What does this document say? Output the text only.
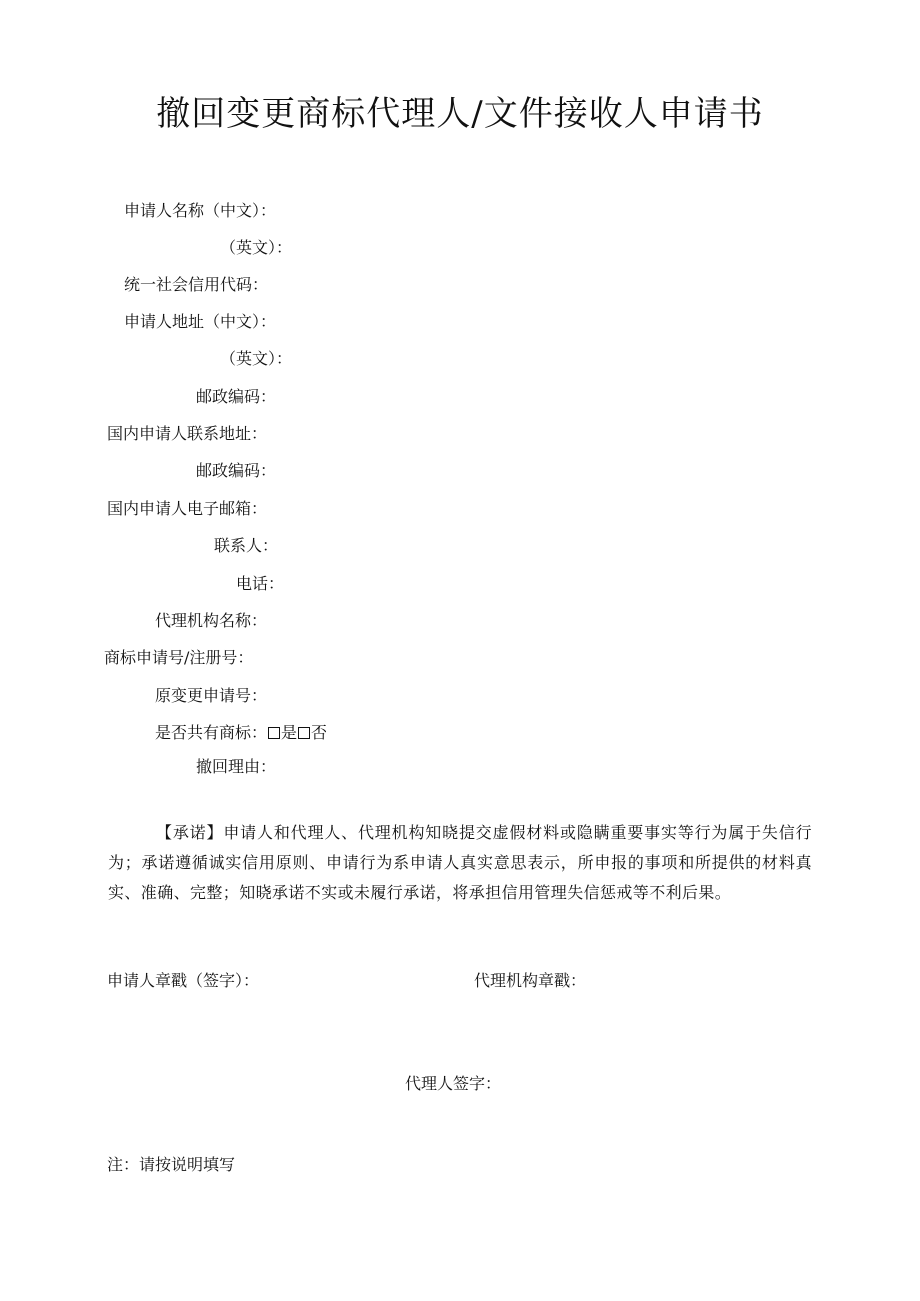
撤回变更商标代理人/文件接收人申请书
申请人名称（中文）：
（英文）：
统一社会信用代码：
申请人地址（中文）：
（英文）：
邮政编码：
国内申请人联系地址：
邮政编码：
国内申请人电子邮箱：
联系人：
电话：
代理机构名称：
商标申请号/注册号：
原变更申请号：
是否共有商标： 是 否
撤回理由：
【承诺】申请人和代理人、代理机构知晓提交虚假材料或隐瞒重要事实等行为属于失信行为；承诺遵循诚实信用原则、申请行为系申请人真实意思表示，所申报的事项和所提供的材料真实、准确、完整；知晓承诺不实或未履行承诺，将承担信用管理失信惩戒等不利后果。
申请人章戳（签字）：	代理机构章戳：
代理人签字：
注：请按说明填写
